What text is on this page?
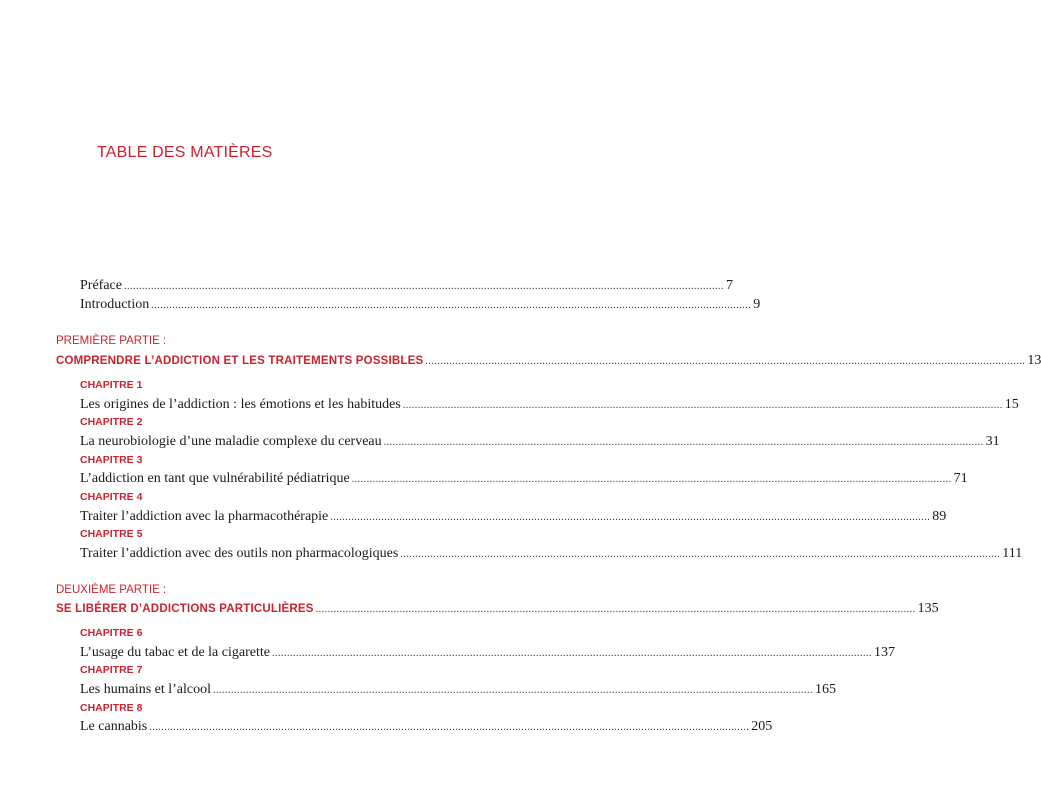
TABLE DES MATIÈRES
Préface ........................................................................................................................................................................................................ 7
Introduction ........................................................................................................................................................................................................ 9
PREMIÈRE PARTIE :
COMPRENDRE L’ADDICTION ET LES TRAITEMENTS POSSIBLES ........................................................................................................................................................................................................ 13
CHAPITRE 1
Les origines de l’addiction : les émotions et les habitudes ........................................................................................................................................................................................................ 15
CHAPITRE 2
La neurobiologie d’une maladie complexe du cerveau ........................................................................................................................................................................................................ 31
CHAPITRE 3
L’addiction en tant que vulnérabilité pédiatrique ........................................................................................................................................................................................................ 71
CHAPITRE 4
Traiter l’addiction avec la pharmacothérapie ........................................................................................................................................................................................................ 89
CHAPITRE 5
Traiter l’addiction avec des outils non pharmacologiques ........................................................................................................................................................................................................ 111
DEUXIÈME PARTIE :
SE LIBÉRER D’ADDICTIONS PARTICULIÈRES ........................................................................................................................................................................................................ 135
CHAPITRE 6
L’usage du tabac et de la cigarette ........................................................................................................................................................................................................ 137
CHAPITRE 7
Les humains et l’alcool ........................................................................................................................................................................................................ 165
CHAPITRE 8
Le cannabis ........................................................................................................................................................................................................ 205
